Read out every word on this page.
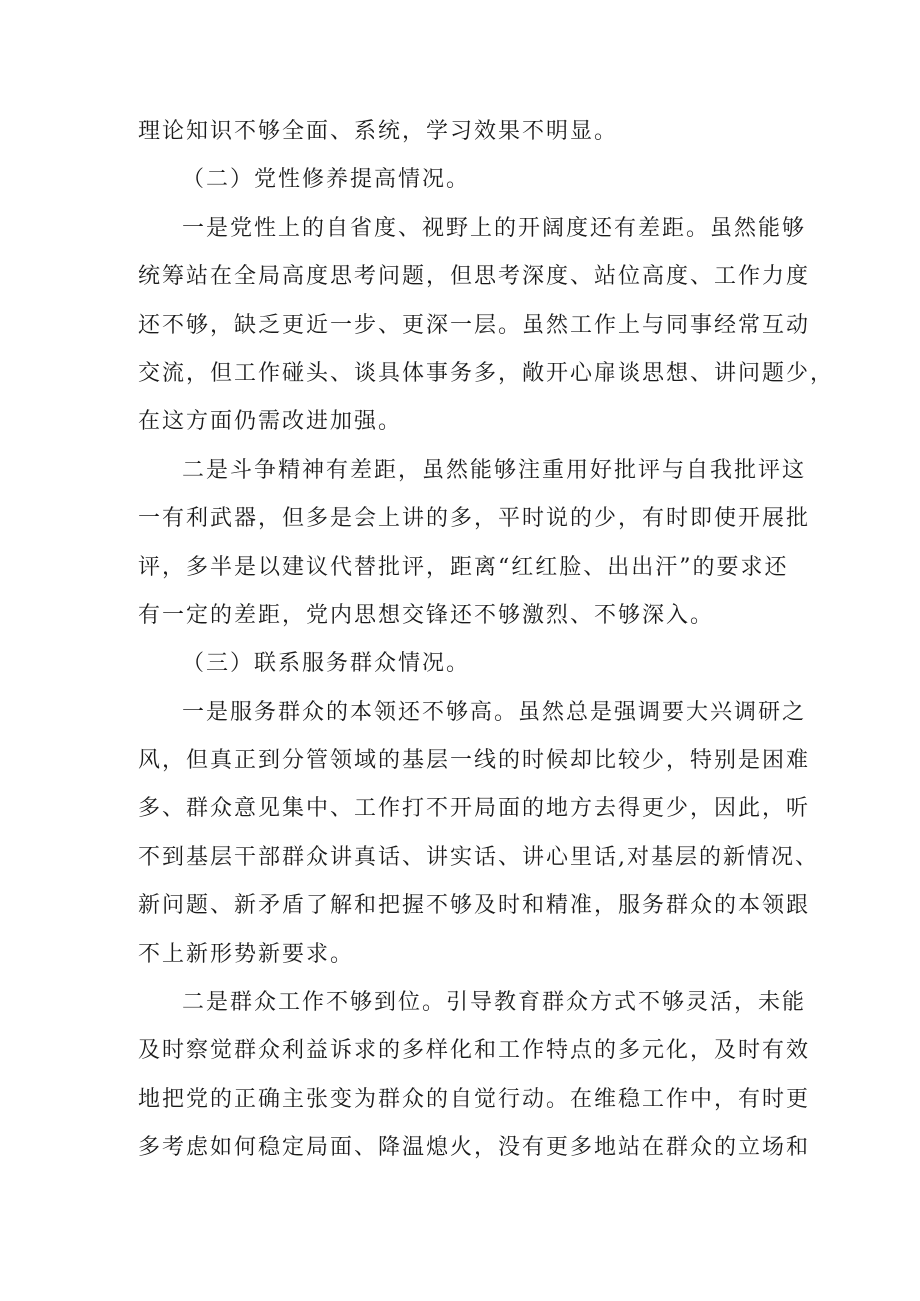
理论知识不够全面、系统，学习效果不明显。
（二）党性修养提高情况。
一是党性上的自省度、视野上的开阔度还有差距。虽然能够
统筹站在全局高度思考问题，但思考深度、站位高度、工作力度
还不够，缺乏更近一步、更深一层。虽然工作上与同事经常互动
交流，但工作碰头、谈具体事务多，敞开心扉谈思想、讲问题少，
在这方面仍需改进加强。
二是斗争精神有差距，虽然能够注重用好批评与自我批评这
一有利武器，但多是会上讲的多，平时说的少，有时即使开展批
评，多半是以建议代替批评，距离“红红脸、出出汗”的要求还
有一定的差距，党内思想交锋还不够激烈、不够深入。
（三）联系服务群众情况。
一是服务群众的本领还不够高。虽然总是强调要大兴调研之
风，但真正到分管领域的基层一线的时候却比较少，特别是困难
多、群众意见集中、工作打不开局面的地方去得更少，因此，听
不到基层干部群众讲真话、讲实话、讲心里话,对基层的新情况、
新问题、新矛盾了解和把握不够及时和精准，服务群众的本领跟
不上新形势新要求。
二是群众工作不够到位。引导教育群众方式不够灵活，未能
及时察觉群众利益诉求的多样化和工作特点的多元化，及时有效
地把党的正确主张变为群众的自觉行动。在维稳工作中，有时更
多考虑如何稳定局面、降温熄火，没有更多地站在群众的立场和
